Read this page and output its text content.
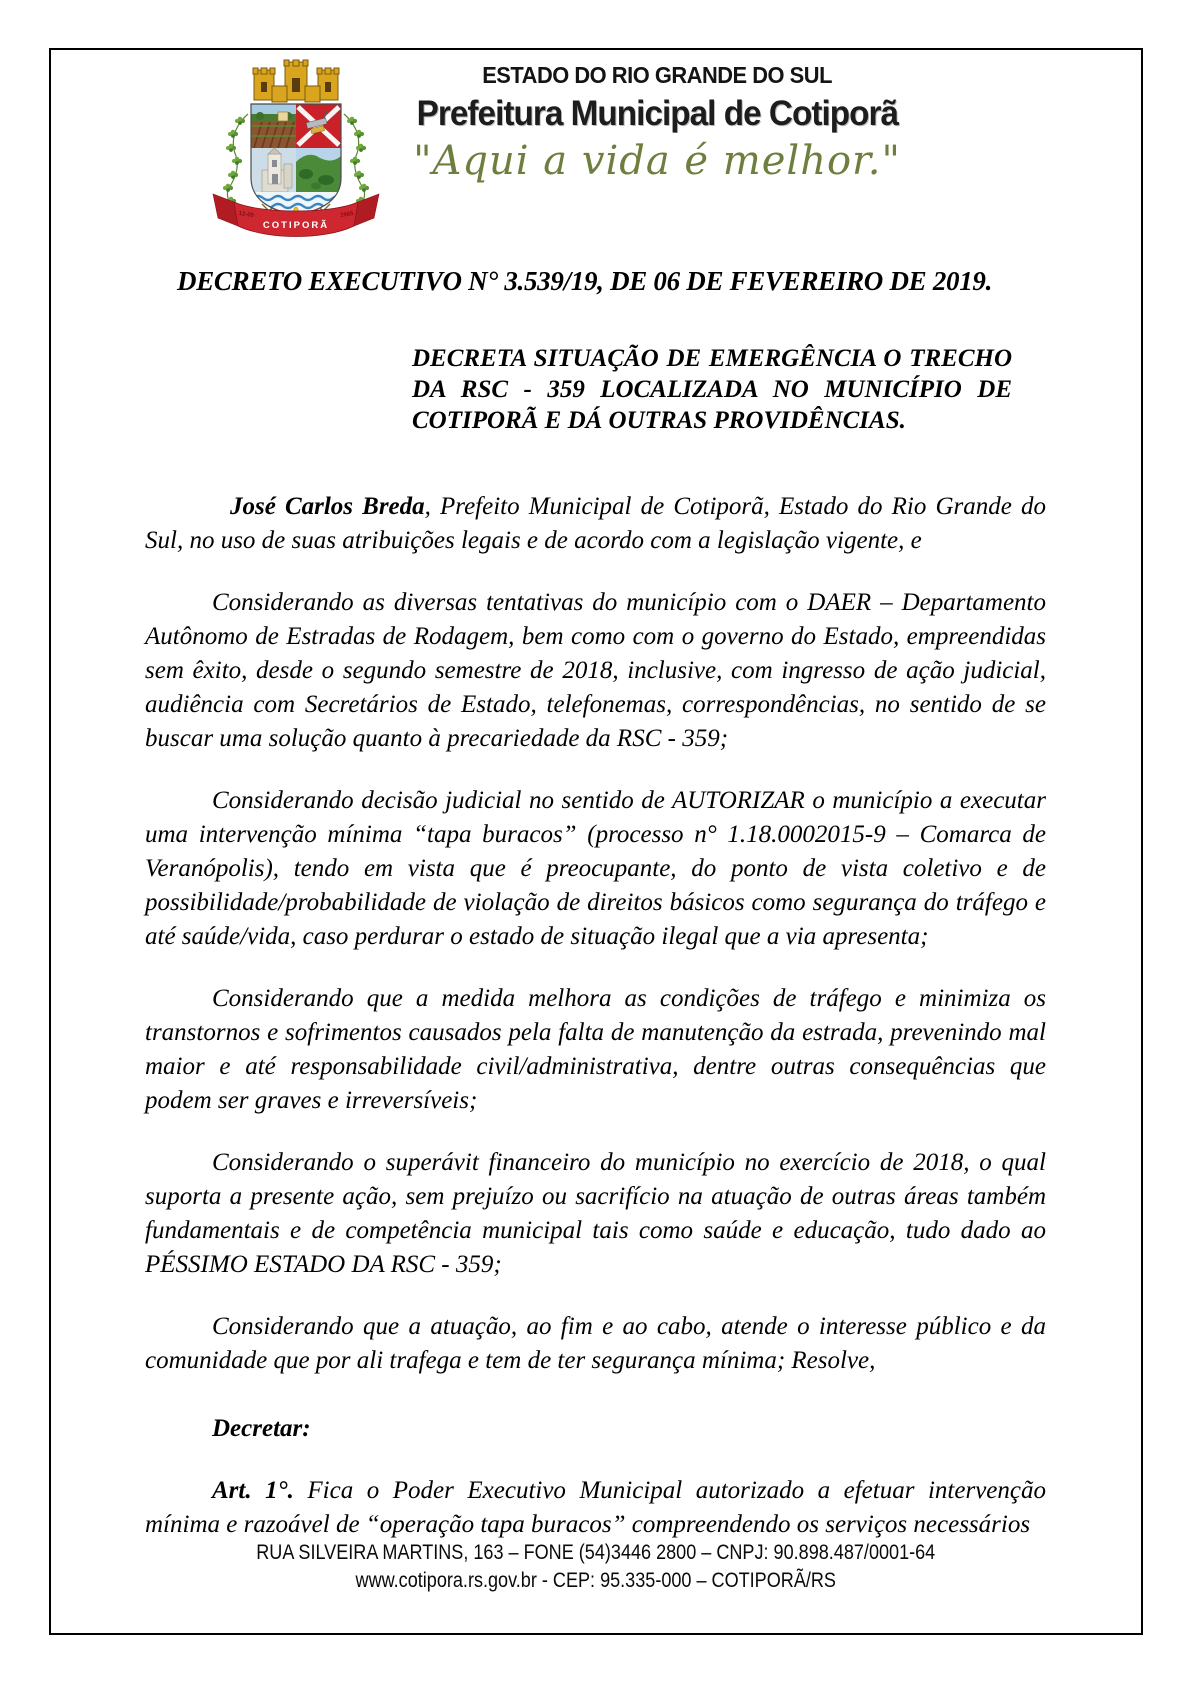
12-05
COTIPORÃ
1965
ESTADO DO RIO GRANDE DO SUL
Prefeitura Municipal de Cotiporã
"Aqui a vida é melhor."
DECRETO EXECUTIVO N° 3.539/19, DE 06 DE FEVEREIRO DE 2019.
DECRETA SITUAÇÃO DE EMERGÊNCIA O TRECHO DA RSC - 359 LOCALIZADA NO MUNICÍPIO DE COTIPORÃ E DÁ OUTRAS PROVIDÊNCIAS.

José Carlos Breda, Prefeito Municipal de Cotiporã, Estado do Rio Grande do Sul, no uso de suas atribuições legais e de acordo com a legislação vigente, e

Considerando as diversas tentativas do município com o DAER – Departamento Autônomo de Estradas de Rodagem, bem como com o governo do Estado, empreendidas sem êxito, desde o segundo semestre de 2018, inclusive, com ingresso de ação judicial, audiência com Secretários de Estado, telefonemas, correspondências, no sentido de se buscar uma solução quanto à precariedade da RSC - 359;

Considerando decisão judicial no sentido de AUTORIZAR o município a executar uma intervenção mínima “tapa buracos” (processo n° 1.18.0002015-9 – Comarca de Veranópolis), tendo em vista que é preocupante, do ponto de vista coletivo e de possibilidade/probabilidade de violação de direitos básicos como segurança do tráfego e até saúde/vida, caso perdurar o estado de situação ilegal que a via apresenta;

Considerando que a medida melhora as condições de tráfego e minimiza os transtornos e sofrimentos causados pela falta de manutenção da estrada, prevenindo mal maior e até responsabilidade civil/administrativa, dentre outras consequências que podem ser graves e irreversíveis;

Considerando o superávit financeiro do município no exercício de 2018, o qual suporta a presente ação, sem prejuízo ou sacrifício na atuação de outras áreas também fundamentais e de competência municipal tais como saúde e educação, tudo dado ao PÉSSIMO ESTADO DA RSC - 359;

Considerando que a atuação, ao fim e ao cabo, atende o interesse público e da comunidade que por ali trafega e tem de ter segurança mínima; Resolve,

Decretar:

Art. 1°. Fica o Poder Executivo Municipal autorizado a efetuar intervenção mínima e razoável de “operação tapa buracos” compreendendo os serviços necessários

RUA SILVEIRA MARTINS, 163 – FONE (54)3446 2800 – CNPJ: 90.898.487/0001-64
www.cotipora.rs.gov.br - CEP: 95.335-000 – COTIPORÃ/RS
